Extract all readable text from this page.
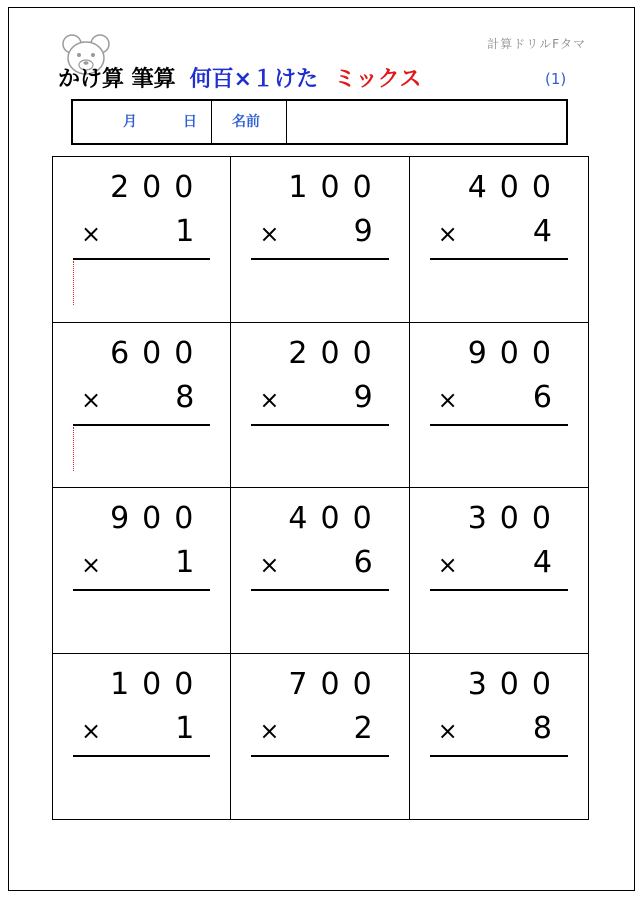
計算ドリルFタマ
かけ算 筆算 何百×１けた ミックス	(1)
月	日	名前
200
× 1
100
× 9
400
×	4
600
× 8
200
× 9
900
×	6
900
× 1
400
× 6
300
×	4
100
× 1
700
× 2
300
×	8
